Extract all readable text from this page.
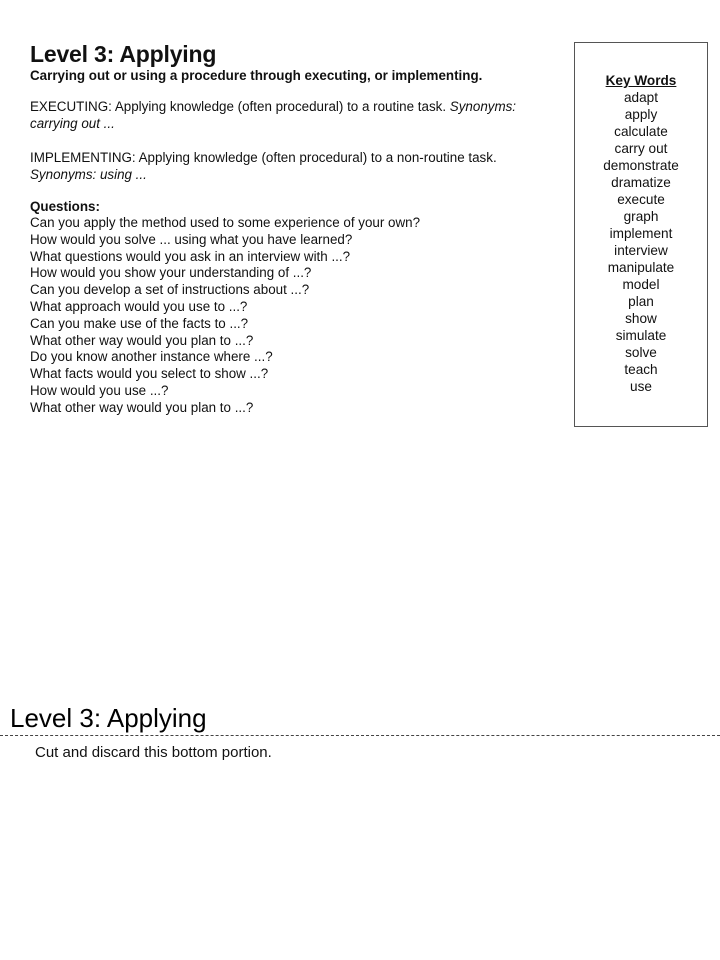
Level 3: Applying
Carrying out or using a procedure through executing, or implementing.

EXECUTING: Applying knowledge (often procedural) to a routine task. Synonyms: carrying out ...

IMPLEMENTING: Applying knowledge (often procedural) to a non-routine task. Synonyms: using ...

Questions:
Can you apply the method used to some experience of your own?
How would you solve ... using what you have learned?
What questions would you ask in an interview with ...?
How would you show your understanding of ...?
Can you develop a set of instructions about ...?
What approach would you use to ...?
Can you make use of the facts to ...?
What other way would you plan to ...?
Do you know another instance where ...?
What facts would you select to show ...?
How would you use ...?
What other way would you plan to ...?
Key Words
adapt
apply
calculate
carry out
demonstrate
dramatize
execute
graph
implement
interview
manipulate
model
plan
show
simulate
solve
teach
use
Level 3: Applying
Cut and discard this bottom portion.
